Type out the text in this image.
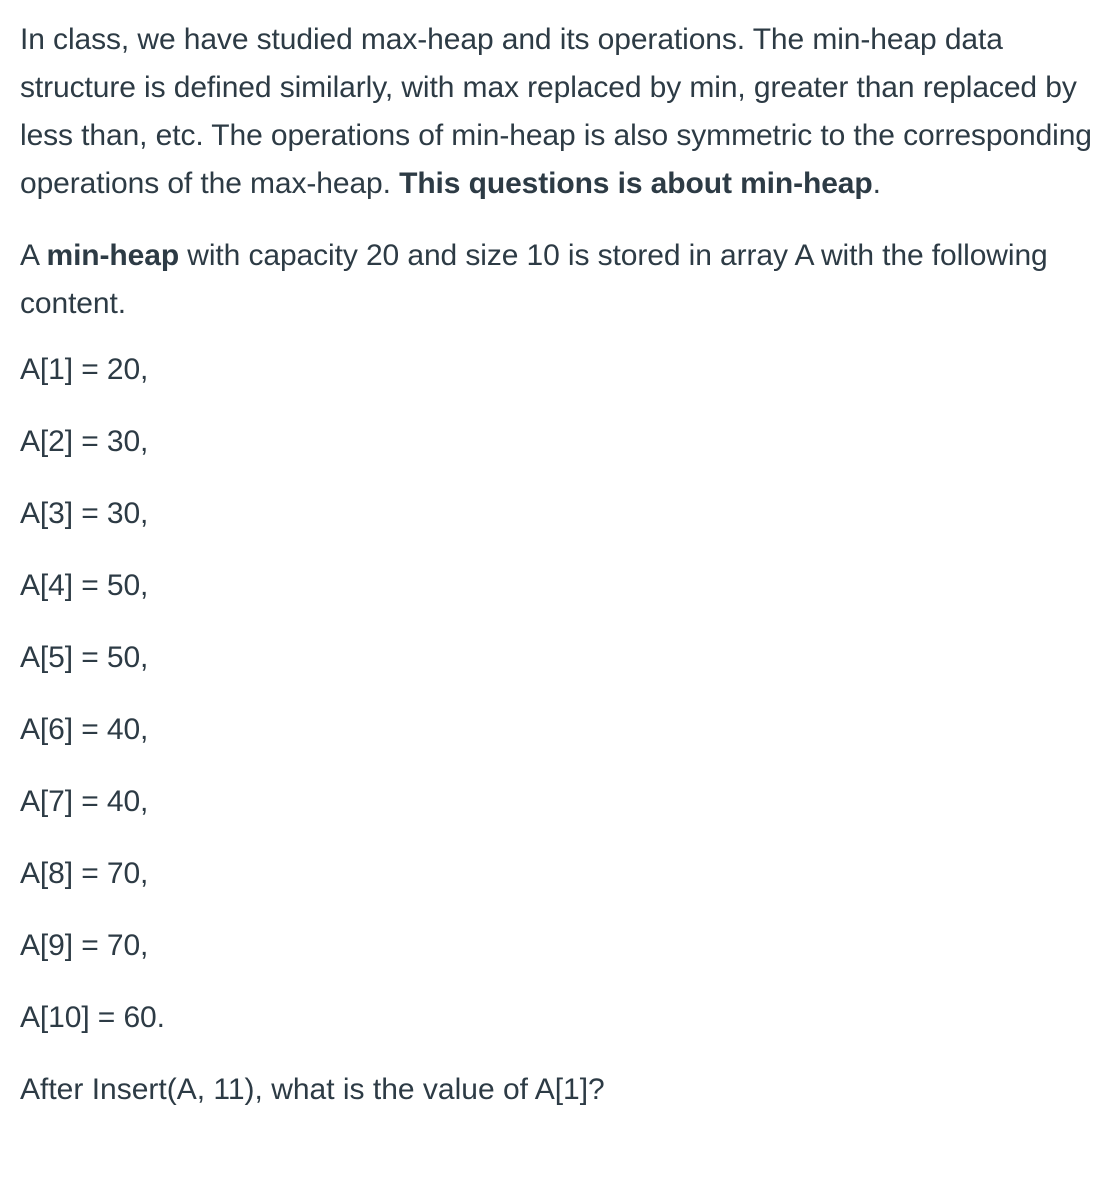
In class, we have studied max-heap and its operations. The min-heap data structure is defined similarly, with max replaced by min, greater than replaced by less than, etc. The operations of min-heap is also symmetric to the corresponding operations of the max-heap. This questions is about min-heap.

A min-heap with capacity 20 and size 10 is stored in array A with the following content.

A[1] = 20,

A[2] = 30,

A[3] = 30,

A[4] = 50,

A[5] = 50,

A[6] = 40,

A[7] = 40,

A[8] = 70,

A[9] = 70,

A[10] = 60.

After Insert(A, 11), what is the value of A[1]?
